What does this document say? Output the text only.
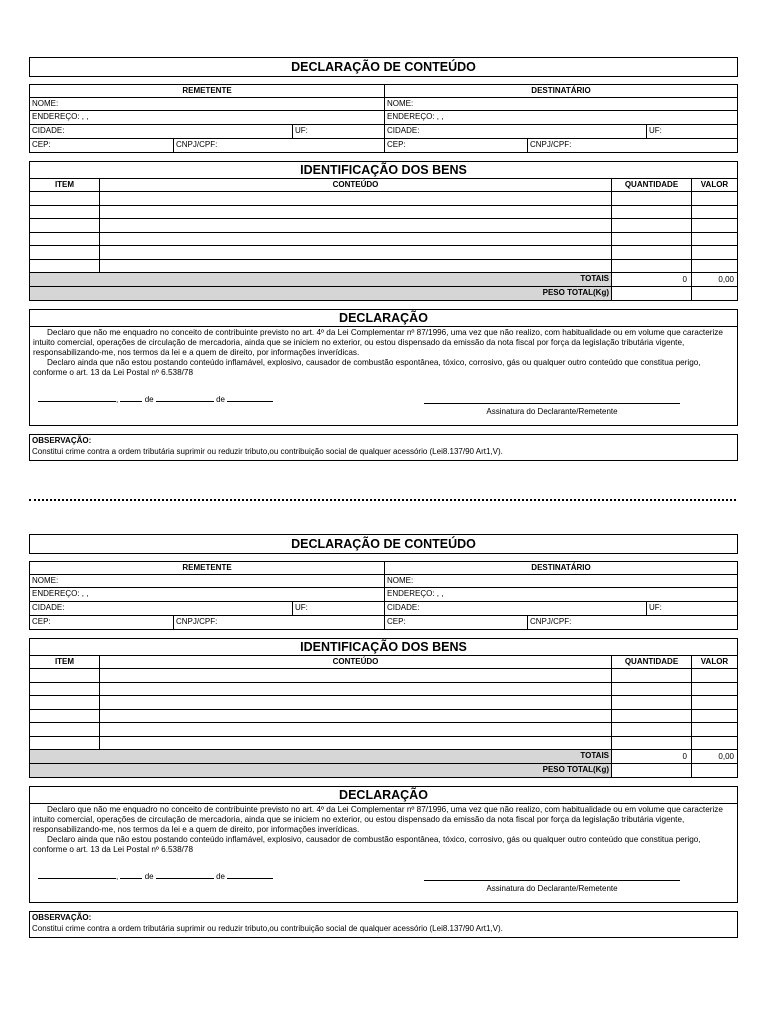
DECLARAÇÃO DE CONTEÚDO
REMETENTE
NOME:
ENDEREÇO: , ,
CIDADE:	UF:
CEP:	CNPJ/CPF:
DESTINATÁRIO
NOME:
ENDEREÇO: , ,
CIDADE:	UF:
CEP:	CNPJ/CPF:
IDENTIFICAÇÃO DOS BENS
ITEM	CONTEÚDO	QUANTIDADE	VALOR
TOTAIS	0	0,00
PESO TOTAL(Kg)
DECLARAÇÃO
Declaro que não me enquadro no conceito de contribuinte previsto no art. 4º da Lei Complementar nº 87/1996, uma vez que não realizo, com habitualidade ou em volume que caracterize intuito comercial, operações de circulação de mercadoria, ainda que se iniciem no exterior, ou estou dispensado da emissão da nota fiscal por força da legislação tributária vigente, responsabilizando-me, nos termos da lei e a quem de direito, por informações inverídicas.
Declaro ainda que não estou postando conteúdo inflamável, explosivo, causador de combustão espontânea, tóxico, corrosivo, gás ou qualquer outro conteúdo que constitua perigo, conforme o art. 13 da Lei Postal nº 6.538/78
,	de	de
Assinatura do Declarante/Remetente
OBSERVAÇÃO:
Constitui crime contra a ordem tributária suprimir ou reduzir tributo,ou contribuição social de qualquer acessório (Lei8.137/90 Art1,V).
DECLARAÇÃO DE CONTEÚDO
REMETENTE
NOME:
ENDEREÇO: , ,
CIDADE:	UF:
CEP:	CNPJ/CPF:
DESTINATÁRIO
NOME:
ENDEREÇO: , ,
CIDADE:	UF:
CEP:	CNPJ/CPF:
IDENTIFICAÇÃO DOS BENS
ITEM	CONTEÚDO	QUANTIDADE	VALOR
TOTAIS	0	0,00
PESO TOTAL(Kg)
DECLARAÇÃO
Declaro que não me enquadro no conceito de contribuinte previsto no art. 4º da Lei Complementar nº 87/1996, uma vez que não realizo, com habitualidade ou em volume que caracterize intuito comercial, operações de circulação de mercadoria, ainda que se iniciem no exterior, ou estou dispensado da emissão da nota fiscal por força da legislação tributária vigente, responsabilizando-me, nos termos da lei e a quem de direito, por informações inverídicas.
Declaro ainda que não estou postando conteúdo inflamável, explosivo, causador de combustão espontânea, tóxico, corrosivo, gás ou qualquer outro conteúdo que constitua perigo, conforme o art. 13 da Lei Postal nº 6.538/78
,	de	de
Assinatura do Declarante/Remetente
OBSERVAÇÃO:
Constitui crime contra a ordem tributária suprimir ou reduzir tributo,ou contribuição social de qualquer acessório (Lei8.137/90 Art1,V).
